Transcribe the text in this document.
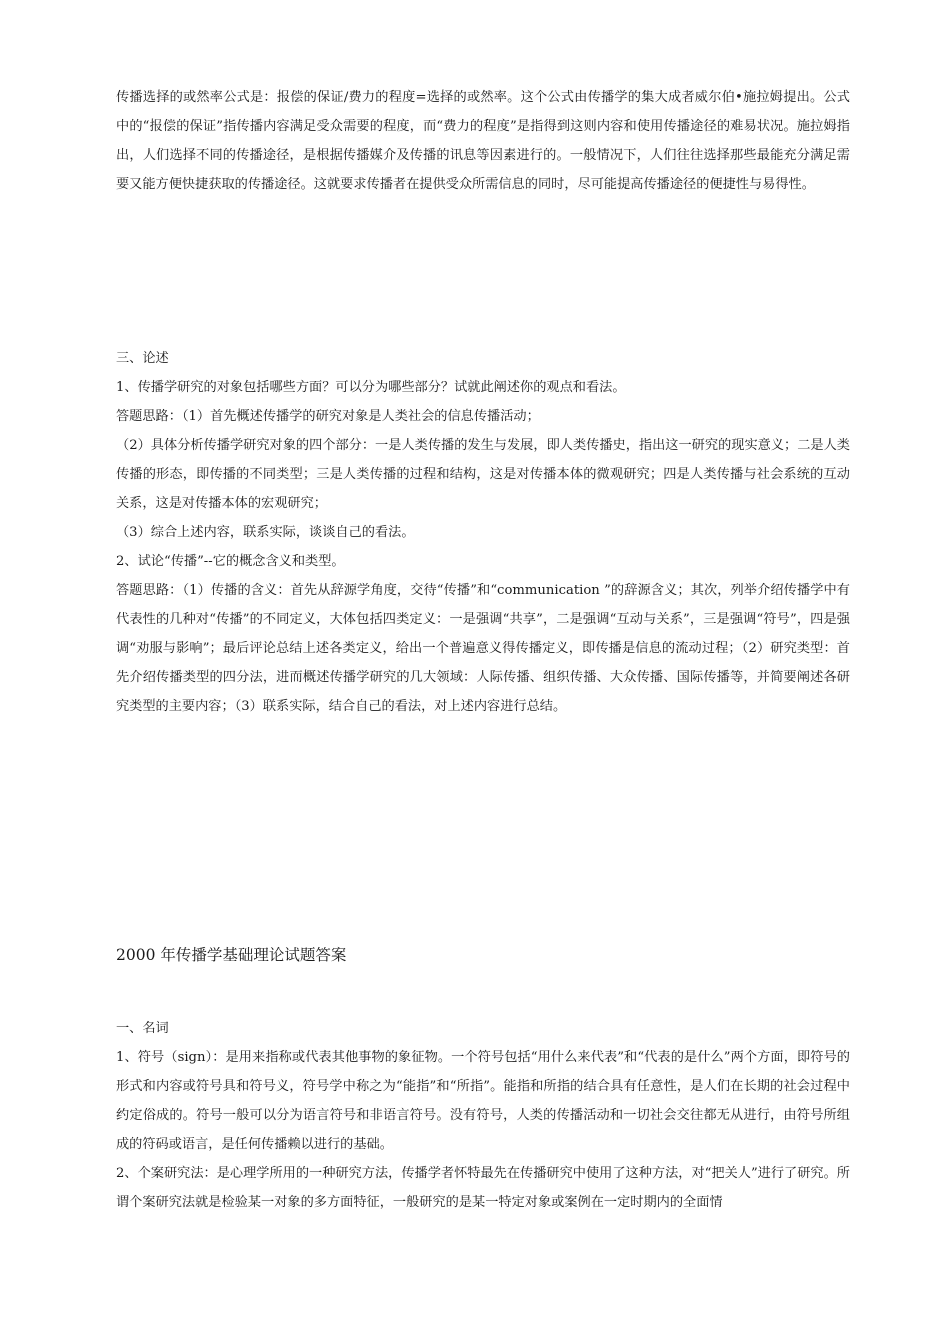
传播选择的或然率公式是：报偿的保证/费力的程度=选择的或然率。这个公式由传播学的集大成者威尔伯•施拉姆提出。公式中的“报偿的保证”指传播内容满足受众需要的程度，而“费力的程度”是指得到这则内容和使用传播途径的难易状况。施拉姆指出，人们选择不同的传播途径，是根据传播媒介及传播的讯息等因素进行的。一般情况下，人们往往选择那些最能充分满足需要又能方便快捷获取的传播途径。这就要求传播者在提供受众所需信息的同时，尽可能提高传播途径的便捷性与易得性。

三、论述

1、传播学研究的对象包括哪些方面？可以分为哪些部分？试就此阐述你的观点和看法。

答题思路：（1）首先概述传播学的研究对象是人类社会的信息传播活动；

（2）具体分析传播学研究对象的四个部分：一是人类传播的发生与发展，即人类传播史，指出这一研究的现实意义；二是人类传播的形态，即传播的不同类型；三是人类传播的过程和结构，这是对传播本体的微观研究；四是人类传播与社会系统的互动关系，这是对传播本体的宏观研究；

（3）综合上述内容，联系实际，谈谈自己的看法。

2、试论“传播”--它的概念含义和类型。

答题思路：（1）传播的含义：首先从辞源学角度，交待“传播”和“communication ”的辞源含义；其次，列举介绍传播学中有代表性的几种对“传播”的不同定义，大体包括四类定义：一是强调“共享”，二是强调“互动与关系”，三是强调“符号”，四是强调“劝服与影响”；最后评论总结上述各类定义，给出一个普遍意义得传播定义，即传播是信息的流动过程；（2）研究类型：首先介绍传播类型的四分法，进而概述传播学研究的几大领域：人际传播、组织传播、大众传播、国际传播等，并简要阐述各研究类型的主要内容；（3）联系实际，结合自己的看法，对上述内容进行总结。

2000 年传播学基础理论试题答案

一、名词

1、符号（sign）：是用来指称或代表其他事物的象征物。一个符号包括“用什么来代表”和“代表的是什么”两个方面，即符号的形式和内容或符号具和符号义，符号学中称之为“能指”和“所指”。能指和所指的结合具有任意性，是人们在长期的社会过程中约定俗成的。符号一般可以分为语言符号和非语言符号。没有符号，人类的传播活动和一切社会交往都无从进行，由符号所组成的符码或语言，是任何传播赖以进行的基础。

2、个案研究法：是心理学所用的一种研究方法，传播学者怀特最先在传播研究中使用了这种方法，对“把关人”进行了研究。所谓个案研究法就是检验某一对象的多方面特征，一般研究的是某一特定对象或案例在一定时期内的全面情
